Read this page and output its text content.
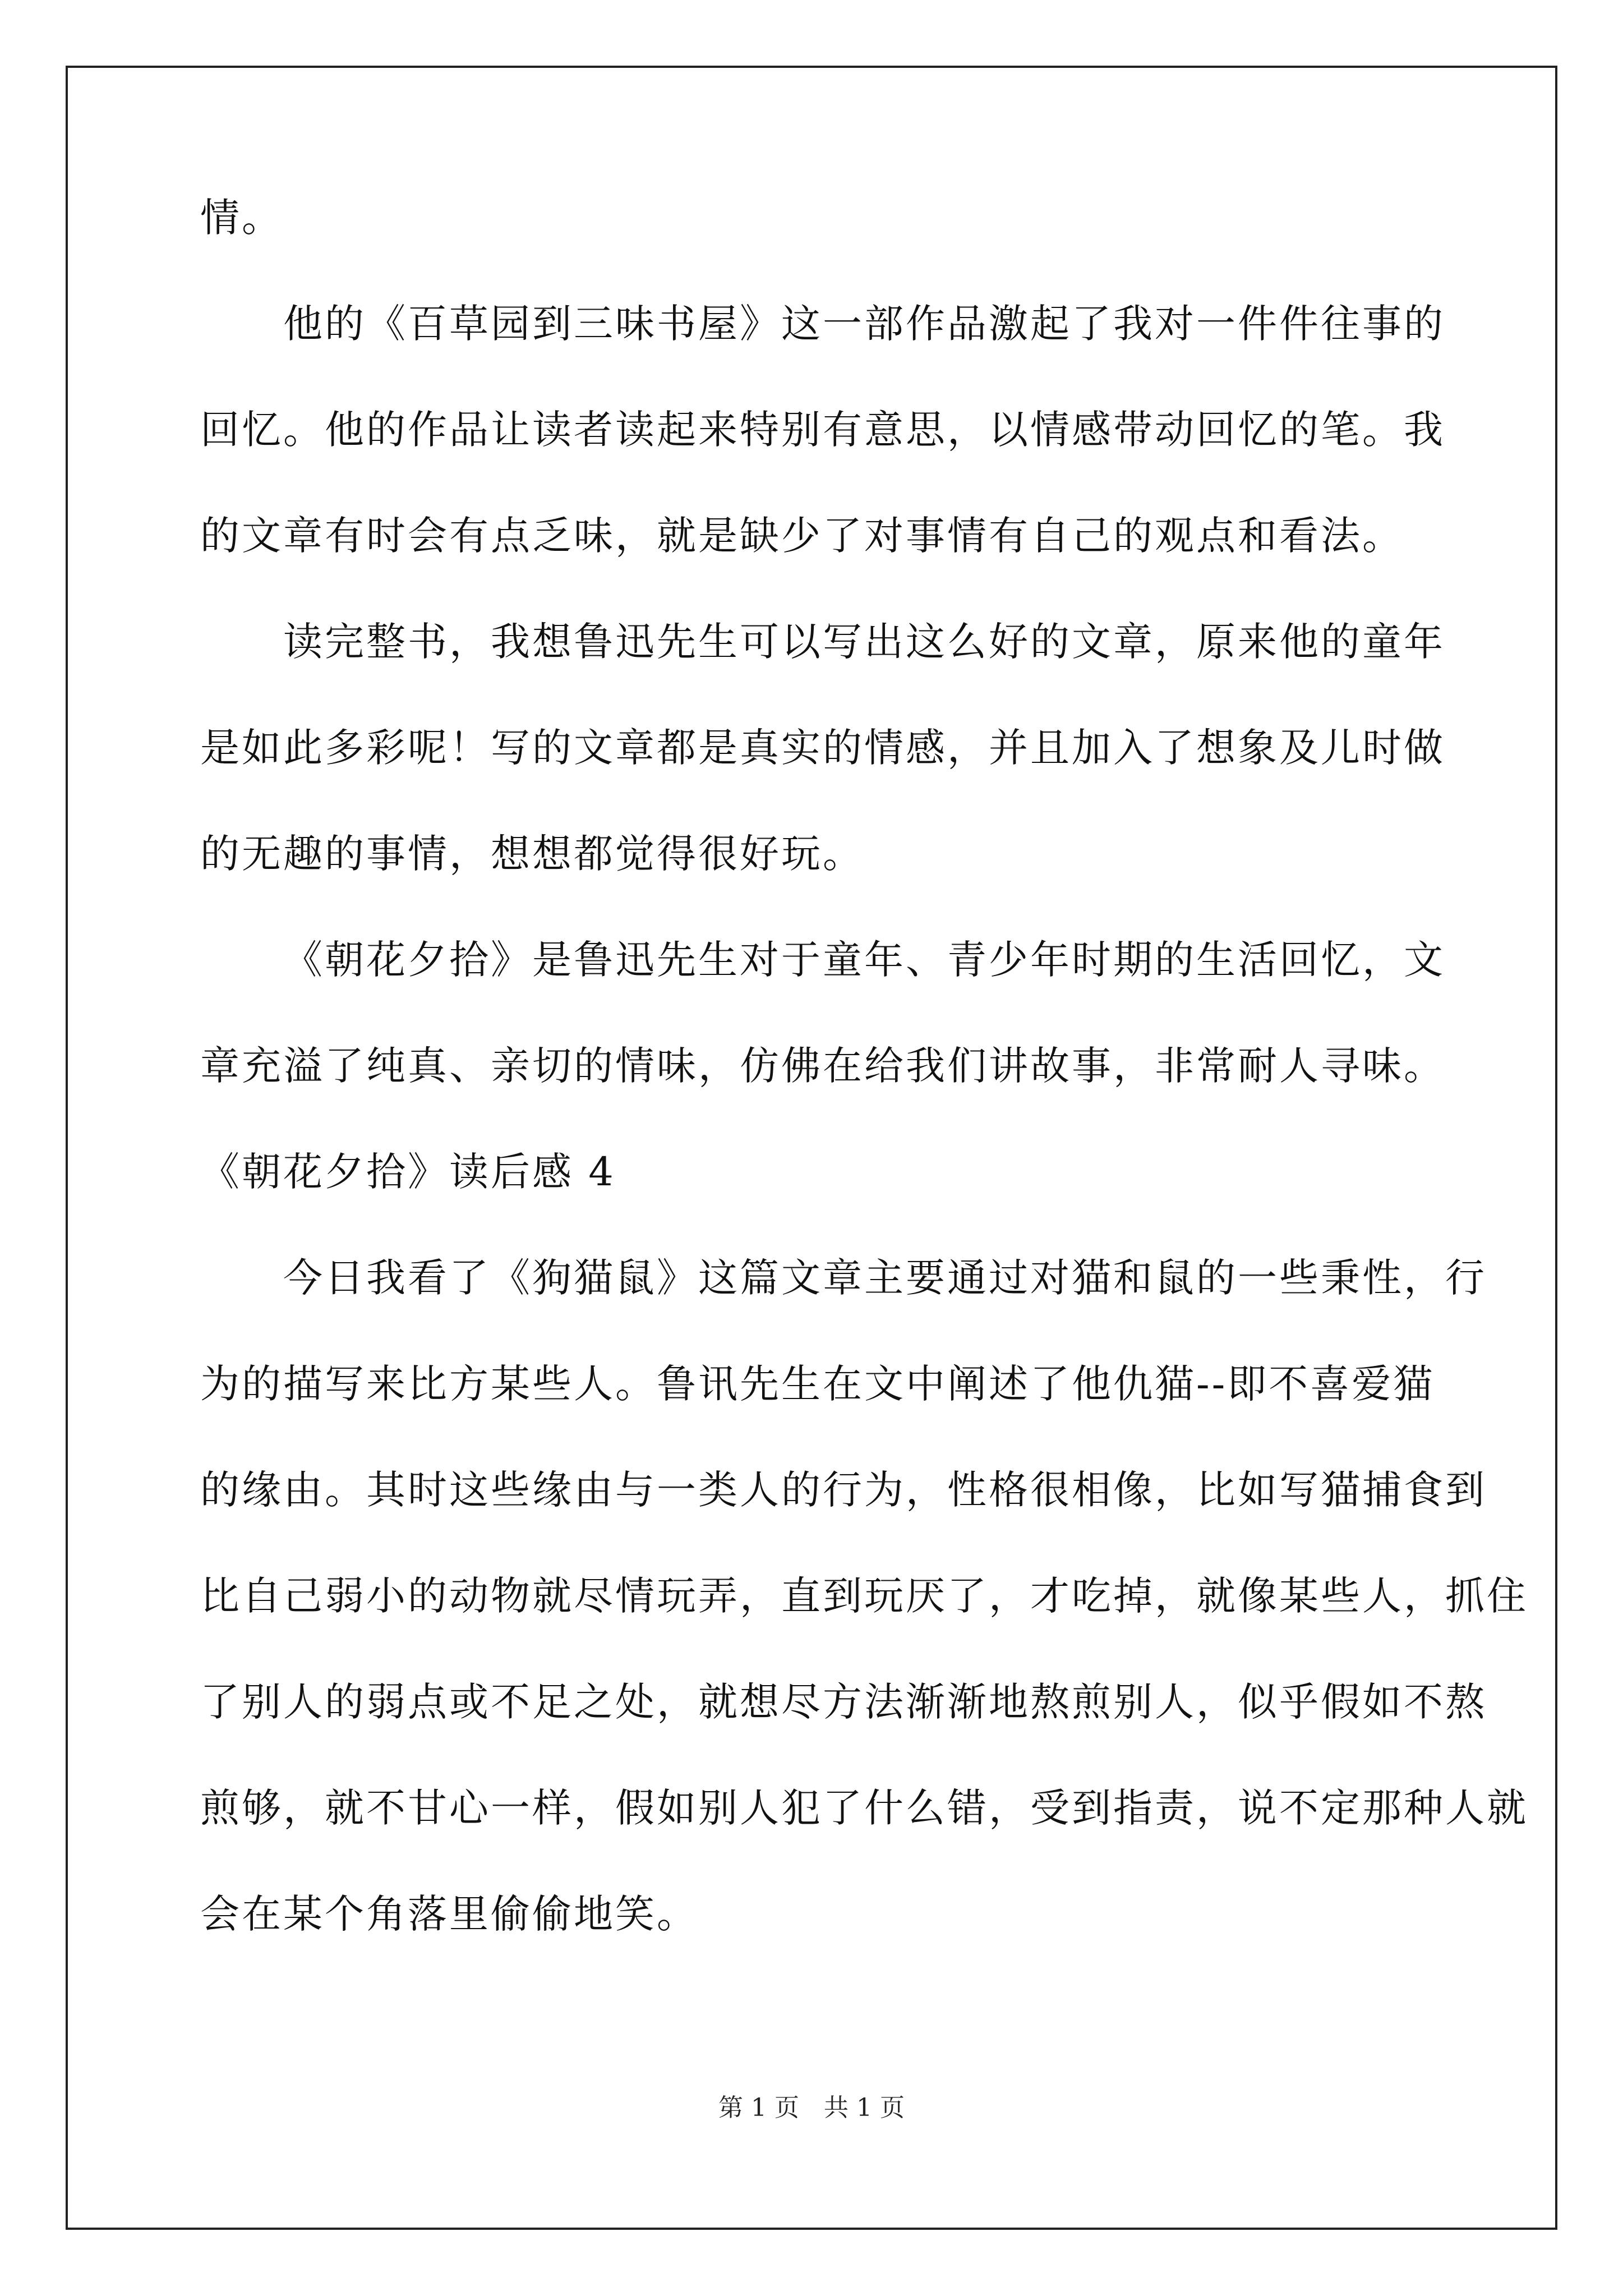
情。
他的《百草园到三味书屋》这一部作品激起了我对一件件往事的
回忆。他的作品让读者读起来特别有意思，以情感带动回忆的笔。我
的文章有时会有点乏味，就是缺少了对事情有自己的观点和看法。
读完整书，我想鲁迅先生可以写出这么好的文章，原来他的童年
是如此多彩呢！写的文章都是真实的情感，并且加入了想象及儿时做
的无趣的事情，想想都觉得很好玩。
《朝花夕拾》是鲁迅先生对于童年、青少年时期的生活回忆，文
章充溢了纯真、亲切的情味，仿佛在给我们讲故事，非常耐人寻味。
《朝花夕拾》读后感 4
今日我看了《狗猫鼠》这篇文章主要通过对猫和鼠的一些秉性，行
为的描写来比方某些人。鲁讯先生在文中阐述了他仇猫--即不喜爱猫
的缘由。其时这些缘由与一类人的行为，性格很相像，比如写猫捕食到
比自己弱小的动物就尽情玩弄，直到玩厌了，才吃掉，就像某些人，抓住
了别人的弱点或不足之处，就想尽方法渐渐地熬煎别人，似乎假如不熬
煎够，就不甘心一样，假如别人犯了什么错，受到指责，说不定那种人就
会在某个角落里偷偷地笑。
第 1 页　共 1 页
